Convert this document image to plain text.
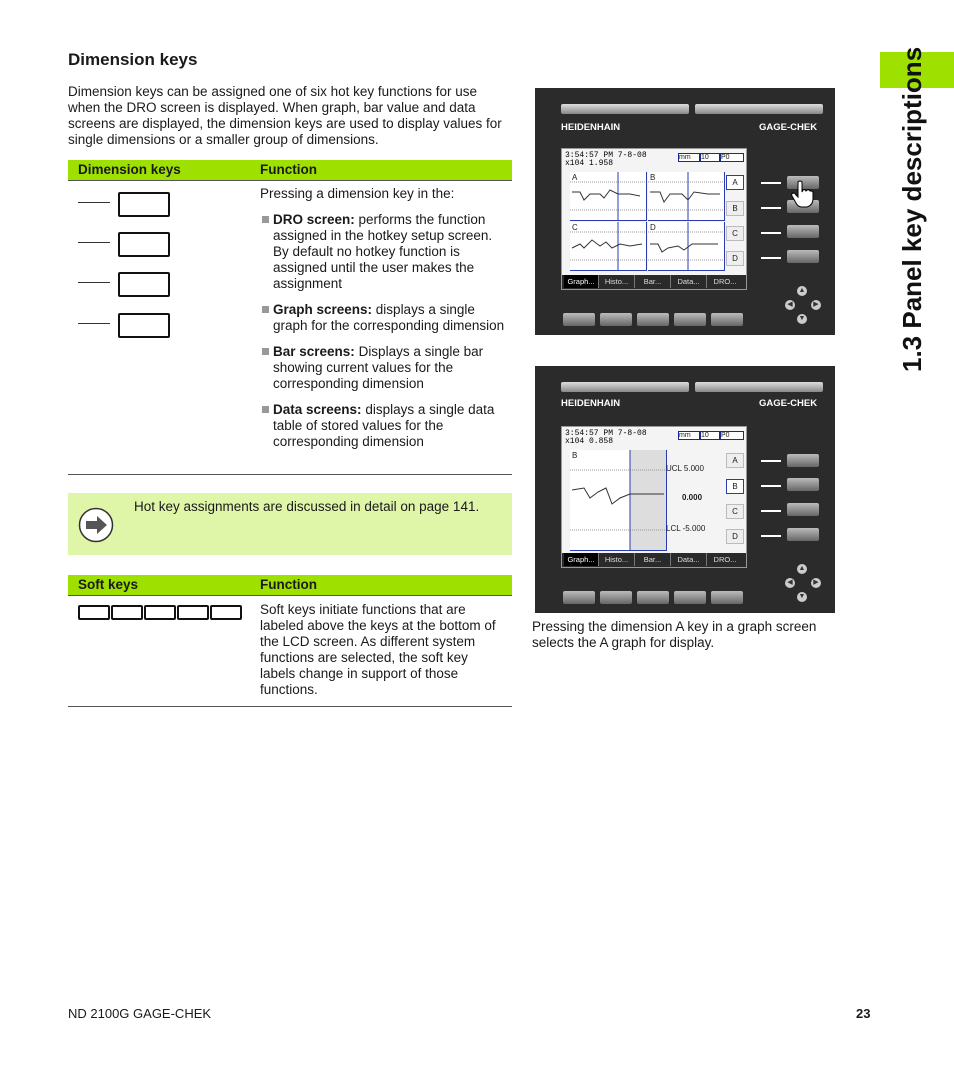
1.3 Panel key descriptions
Dimension keys
Dimension keys can be assigned one of six hot key functions for use when the DRO screen is displayed. When graph, bar value and data screens are displayed, the dimension keys are used to display values for single dimensions or a smaller group of dimensions.
Dimension keys	Function
Pressing a dimension key in the:
DRO screen: performs the function assigned in the hotkey setup screen. By default no hotkey function is assigned until the user makes the assignment
Graph screens: displays a single graph for the corresponding dimension
Bar screens: Displays a single bar showing current values for the corresponding dimension
Data screens: displays a single data table of stored values for the corresponding dimension
Hot key assignments are discussed in detail on page 141.
Soft keys	Function
Soft keys initiate functions that are labeled above the keys at the bottom of the LCD screen. As different system functions are selected, the soft key labels change in support of those functions.
HEIDENHAIN	GAGE-CHEK
3:54:57 PM 7-8-08
x104 1.958
mm	10	P0
A	B
C	D
A
B
C
D
Graph...	Histo...	Bar...	Data...	DRO...
▲
◀	▶
▼
HEIDENHAIN	GAGE-CHEK
3:54:57 PM 7-8-08
x104 0.858
mm	10	P0
B
UCL 5.000
0.000
LCL -5.000
A
B
C
D
Graph...	Histo...	Bar...	Data...	DRO...
▲
◀	▶
▼
Pressing the dimension A key in a graph screen selects the A graph for display.
ND 2100G GAGE-CHEK	23
